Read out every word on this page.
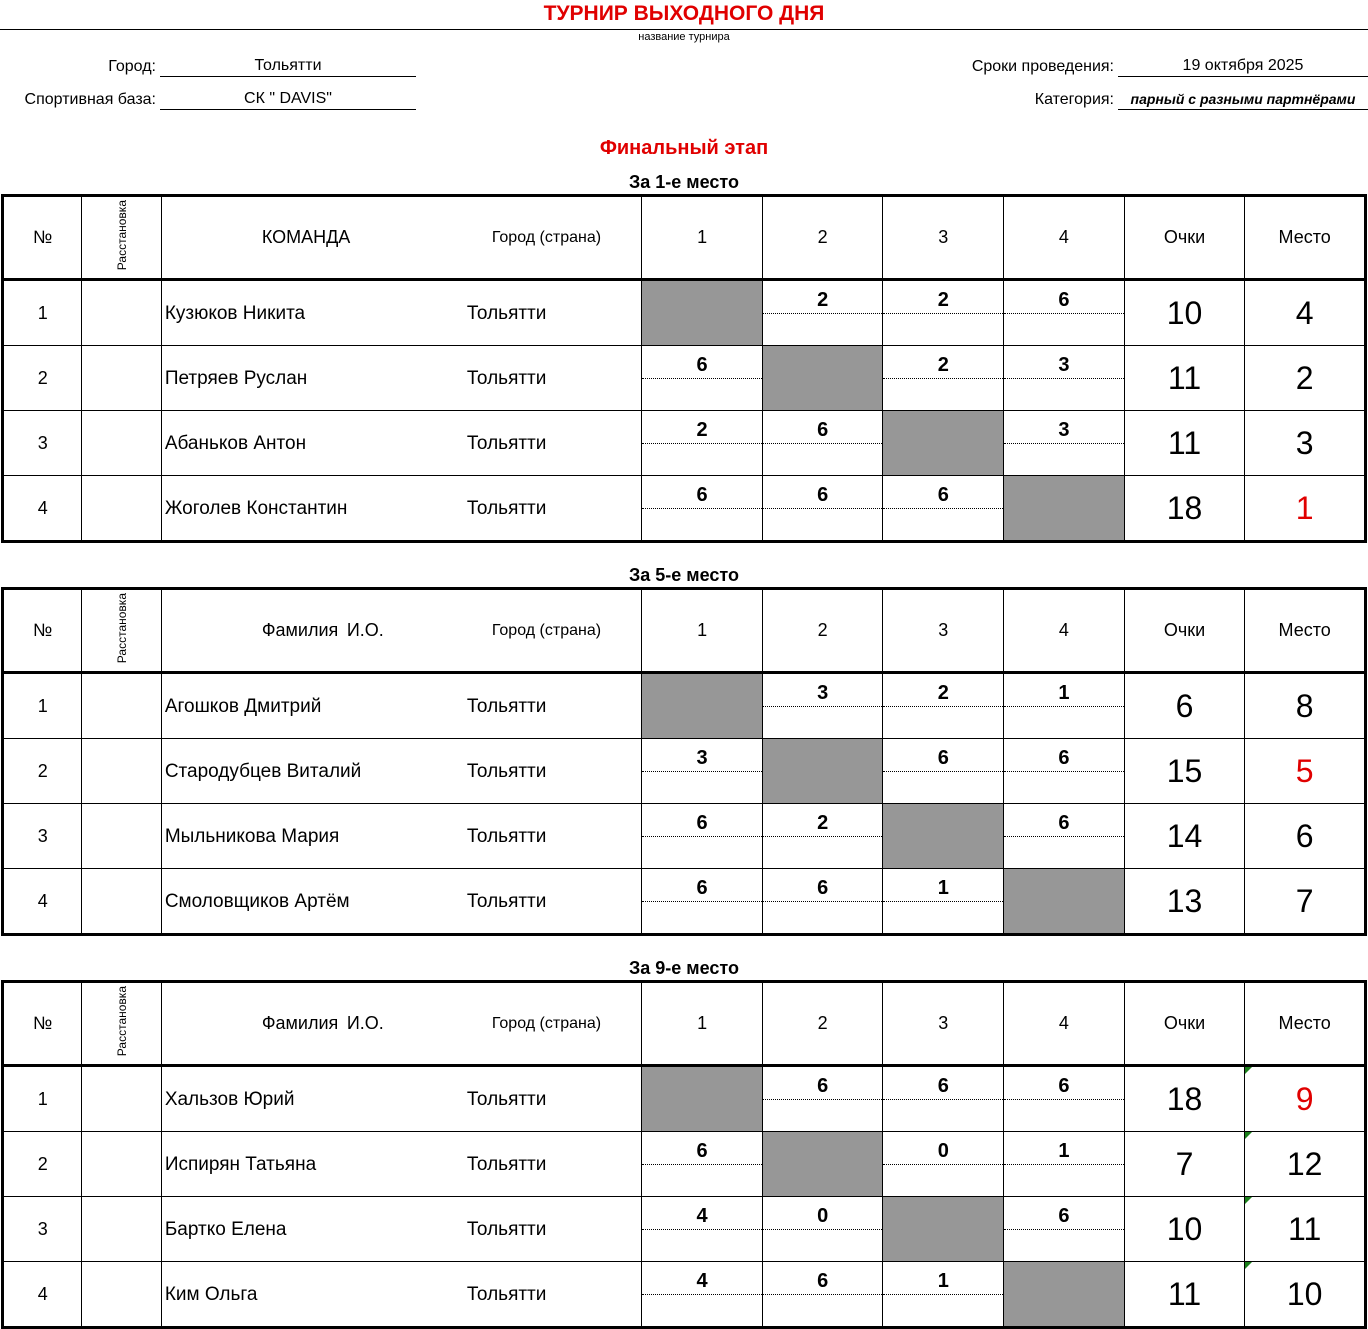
ТУРНИР ВЫХОДНОГО ДНЯ
название турнира
Город:	Тольятти
Спортивная база:	СК " DAVIS"
Сроки проведения:	19 октября 2025
Категория:	парный с разными партнёрами
Финальный этап
За 1-е место
№	Расстановка	КОМАНДА Город (страна)	1	2	3	4	Очки	Место
1		Кузюков Никита Тольятти		2	2	6	10	4
2		Петряев Руслан Тольятти	6		2	3	11	2
3		Абаньков Антон Тольятти	2	6		3	11	3
4		Жоголев Константин Тольятти	6	6	6		18	1
За 5-е место
№	Расстановка	Фамилия И.О. Город (страна)	1	2	3	4	Очки	Место
1		Агошков Дмитрий Тольятти		3	2	1	6	8
2		Стародубцев Виталий Тольятти	3		6	6	15	5
3		Мыльникова Мария Тольятти	6	2		6	14	6
4		Смоловщиков Артём Тольятти	6	6	1		13	7
За 9-е место
№	Расстановка	Фамилия И.О. Город (страна)	1	2	3	4	Очки	Место
1		Хальзов Юрий Тольятти		6	6	6	18	9
2		Испирян Татьяна Тольятти	6		0	1	7	12
3		Бартко Елена Тольятти	4	0		6	10	11
4		Ким Ольга Тольятти	4	6	1		11	10
